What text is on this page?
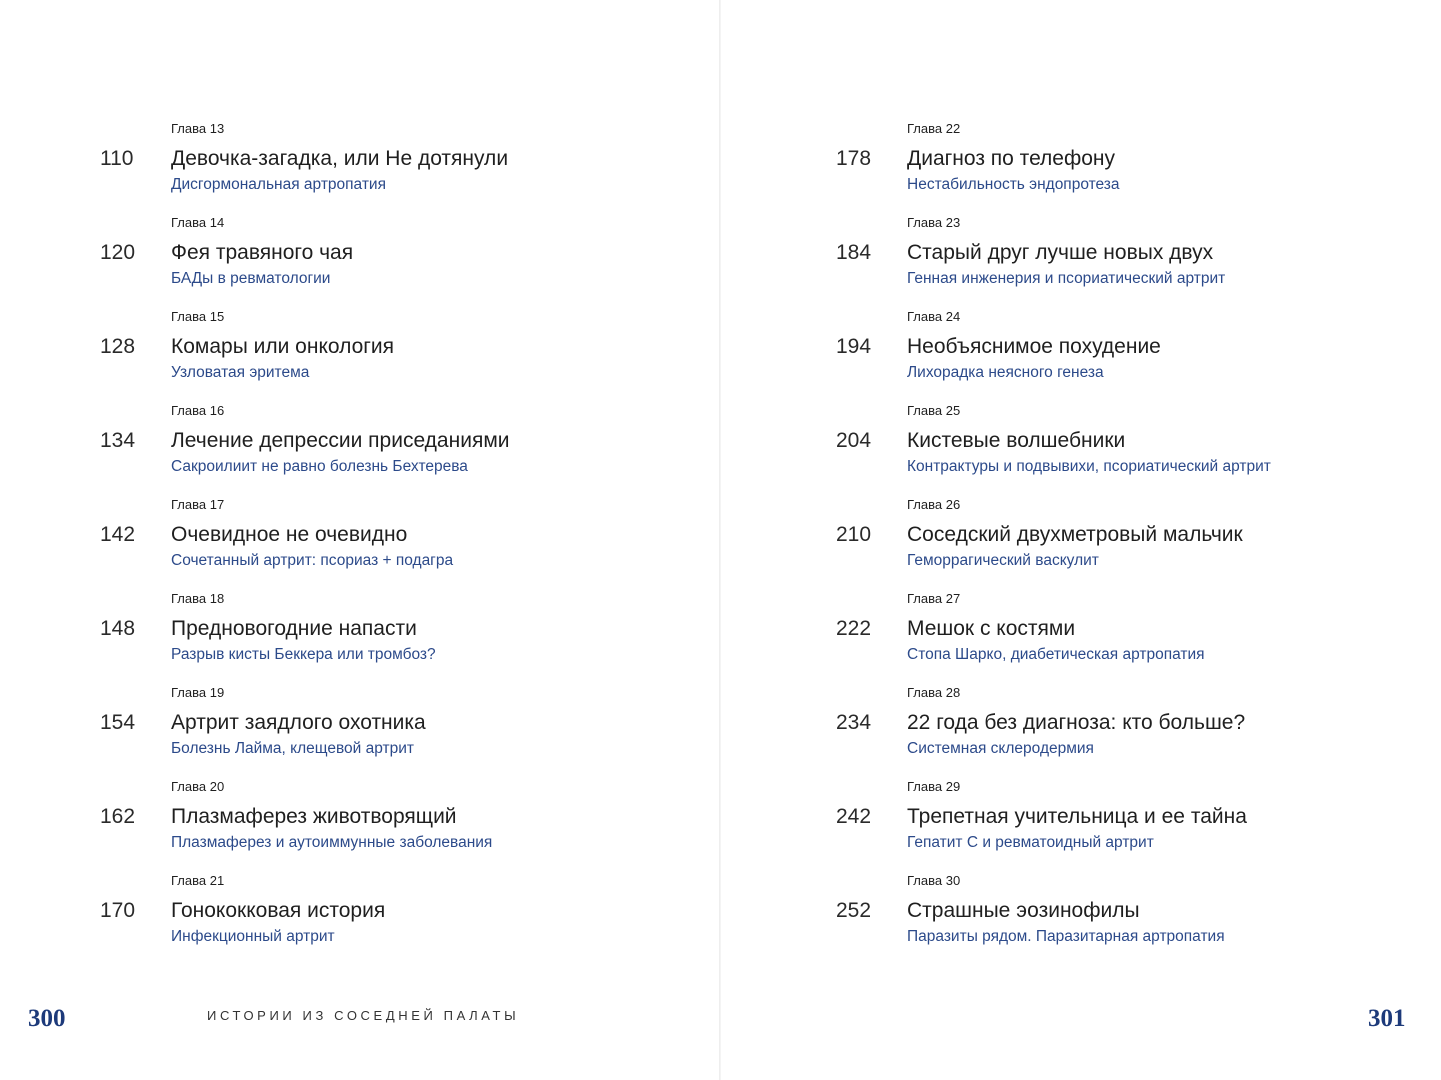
Глава 13
110 Девочка-загадка, или Не дотянули
Дисгормональная артропатия
Глава 14
120 Фея травяного чая
БАДы в ревматологии
Глава 15
128 Комары или онкология
Узловатая эритема
Глава 16
134 Лечение депрессии приседаниями
Сакроилиит не равно болезнь Бехтерева
Глава 17
142 Очевидное не очевидно
Сочетанный артрит: псориаз + подагра
Глава 18
148 Предновогодние напасти
Разрыв кисты Беккера или тромбоз?
Глава 19
154 Артрит заядлого охотника
Болезнь Лайма, клещевой артрит
Глава 20
162 Плазмаферез животворящий
Плазмаферез и аутоиммунные заболевания
Глава 21
170 Гонококковая история
Инфекционный артрит
Глава 22
178 Диагноз по телефону
Нестабильность эндопротеза
Глава 23
184 Старый друг лучше новых двух
Генная инженерия и псориатический артрит
Глава 24
194 Необъяснимое похудение
Лихорадка неясного генеза
Глава 25
204 Кистевые волшебники
Контрактуры и подвывихи, псориатический артрит
Глава 26
210 Соседский двухметровый мальчик
Геморрагический васкулит
Глава 27
222 Мешок с костями
Стопа Шарко, диабетическая артропатия
Глава 28
234 22 года без диагноза: кто больше?
Системная склеродермия
Глава 29
242 Трепетная учительница и ее тайна
Гепатит С и ревматоидный артрит
Глава 30
252 Страшные эозинофилы
Паразиты рядом. Паразитарная артропатия
300	ИСТОРИИ ИЗ СОСЕДНЕЙ ПАЛАТЫ	301
